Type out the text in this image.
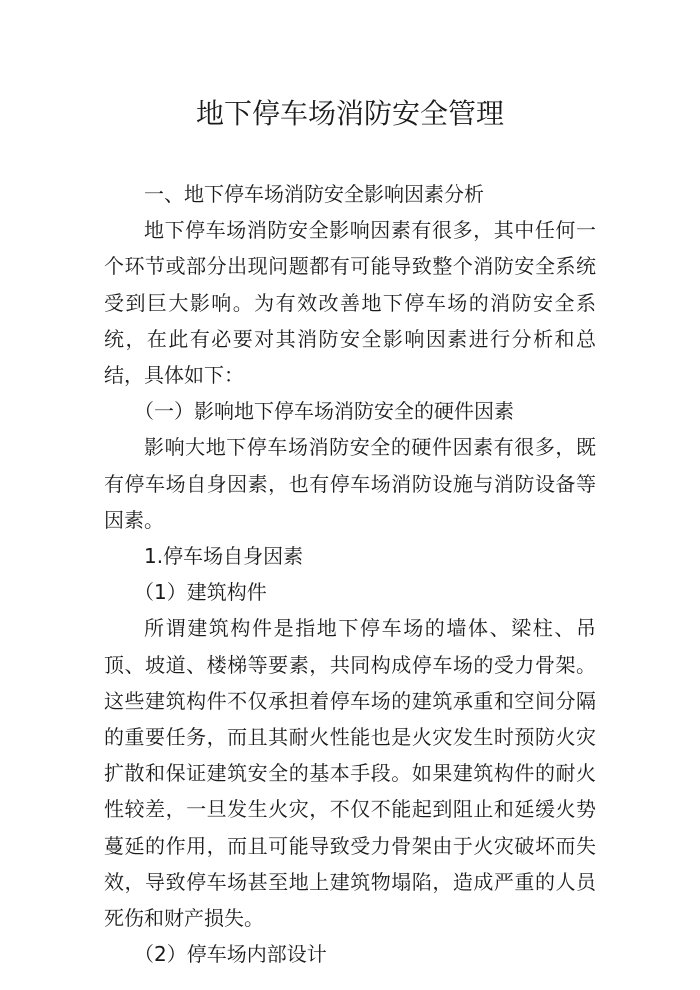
地下停车场消防安全管理

一、地下停车场消防安全影响因素分析

地下停车场消防安全影响因素有很多，其中任何一个环节或部分出现问题都有可能导致整个消防安全系统受到巨大影响。为有效改善地下停车场的消防安全系统，在此有必要对其消防安全影响因素进行分析和总结，具体如下：

（一）影响地下停车场消防安全的硬件因素

影响大地下停车场消防安全的硬件因素有很多，既有停车场自身因素，也有停车场消防设施与消防设备等因素。

1.停车场自身因素

（1）建筑构件

所谓建筑构件是指地下停车场的墙体、梁柱、吊顶、坡道、楼梯等要素，共同构成停车场的受力骨架。这些建筑构件不仅承担着停车场的建筑承重和空间分隔的重要任务，而且其耐火性能也是火灾发生时预防火灾扩散和保证建筑安全的基本手段。如果建筑构件的耐火性较差，一旦发生火灾，不仅不能起到阻止和延缓火势蔓延的作用，而且可能导致受力骨架由于火灾破坏而失效，导致停车场甚至地上建筑物塌陷，造成严重的人员死伤和财产损失。

（2）停车场内部设计
